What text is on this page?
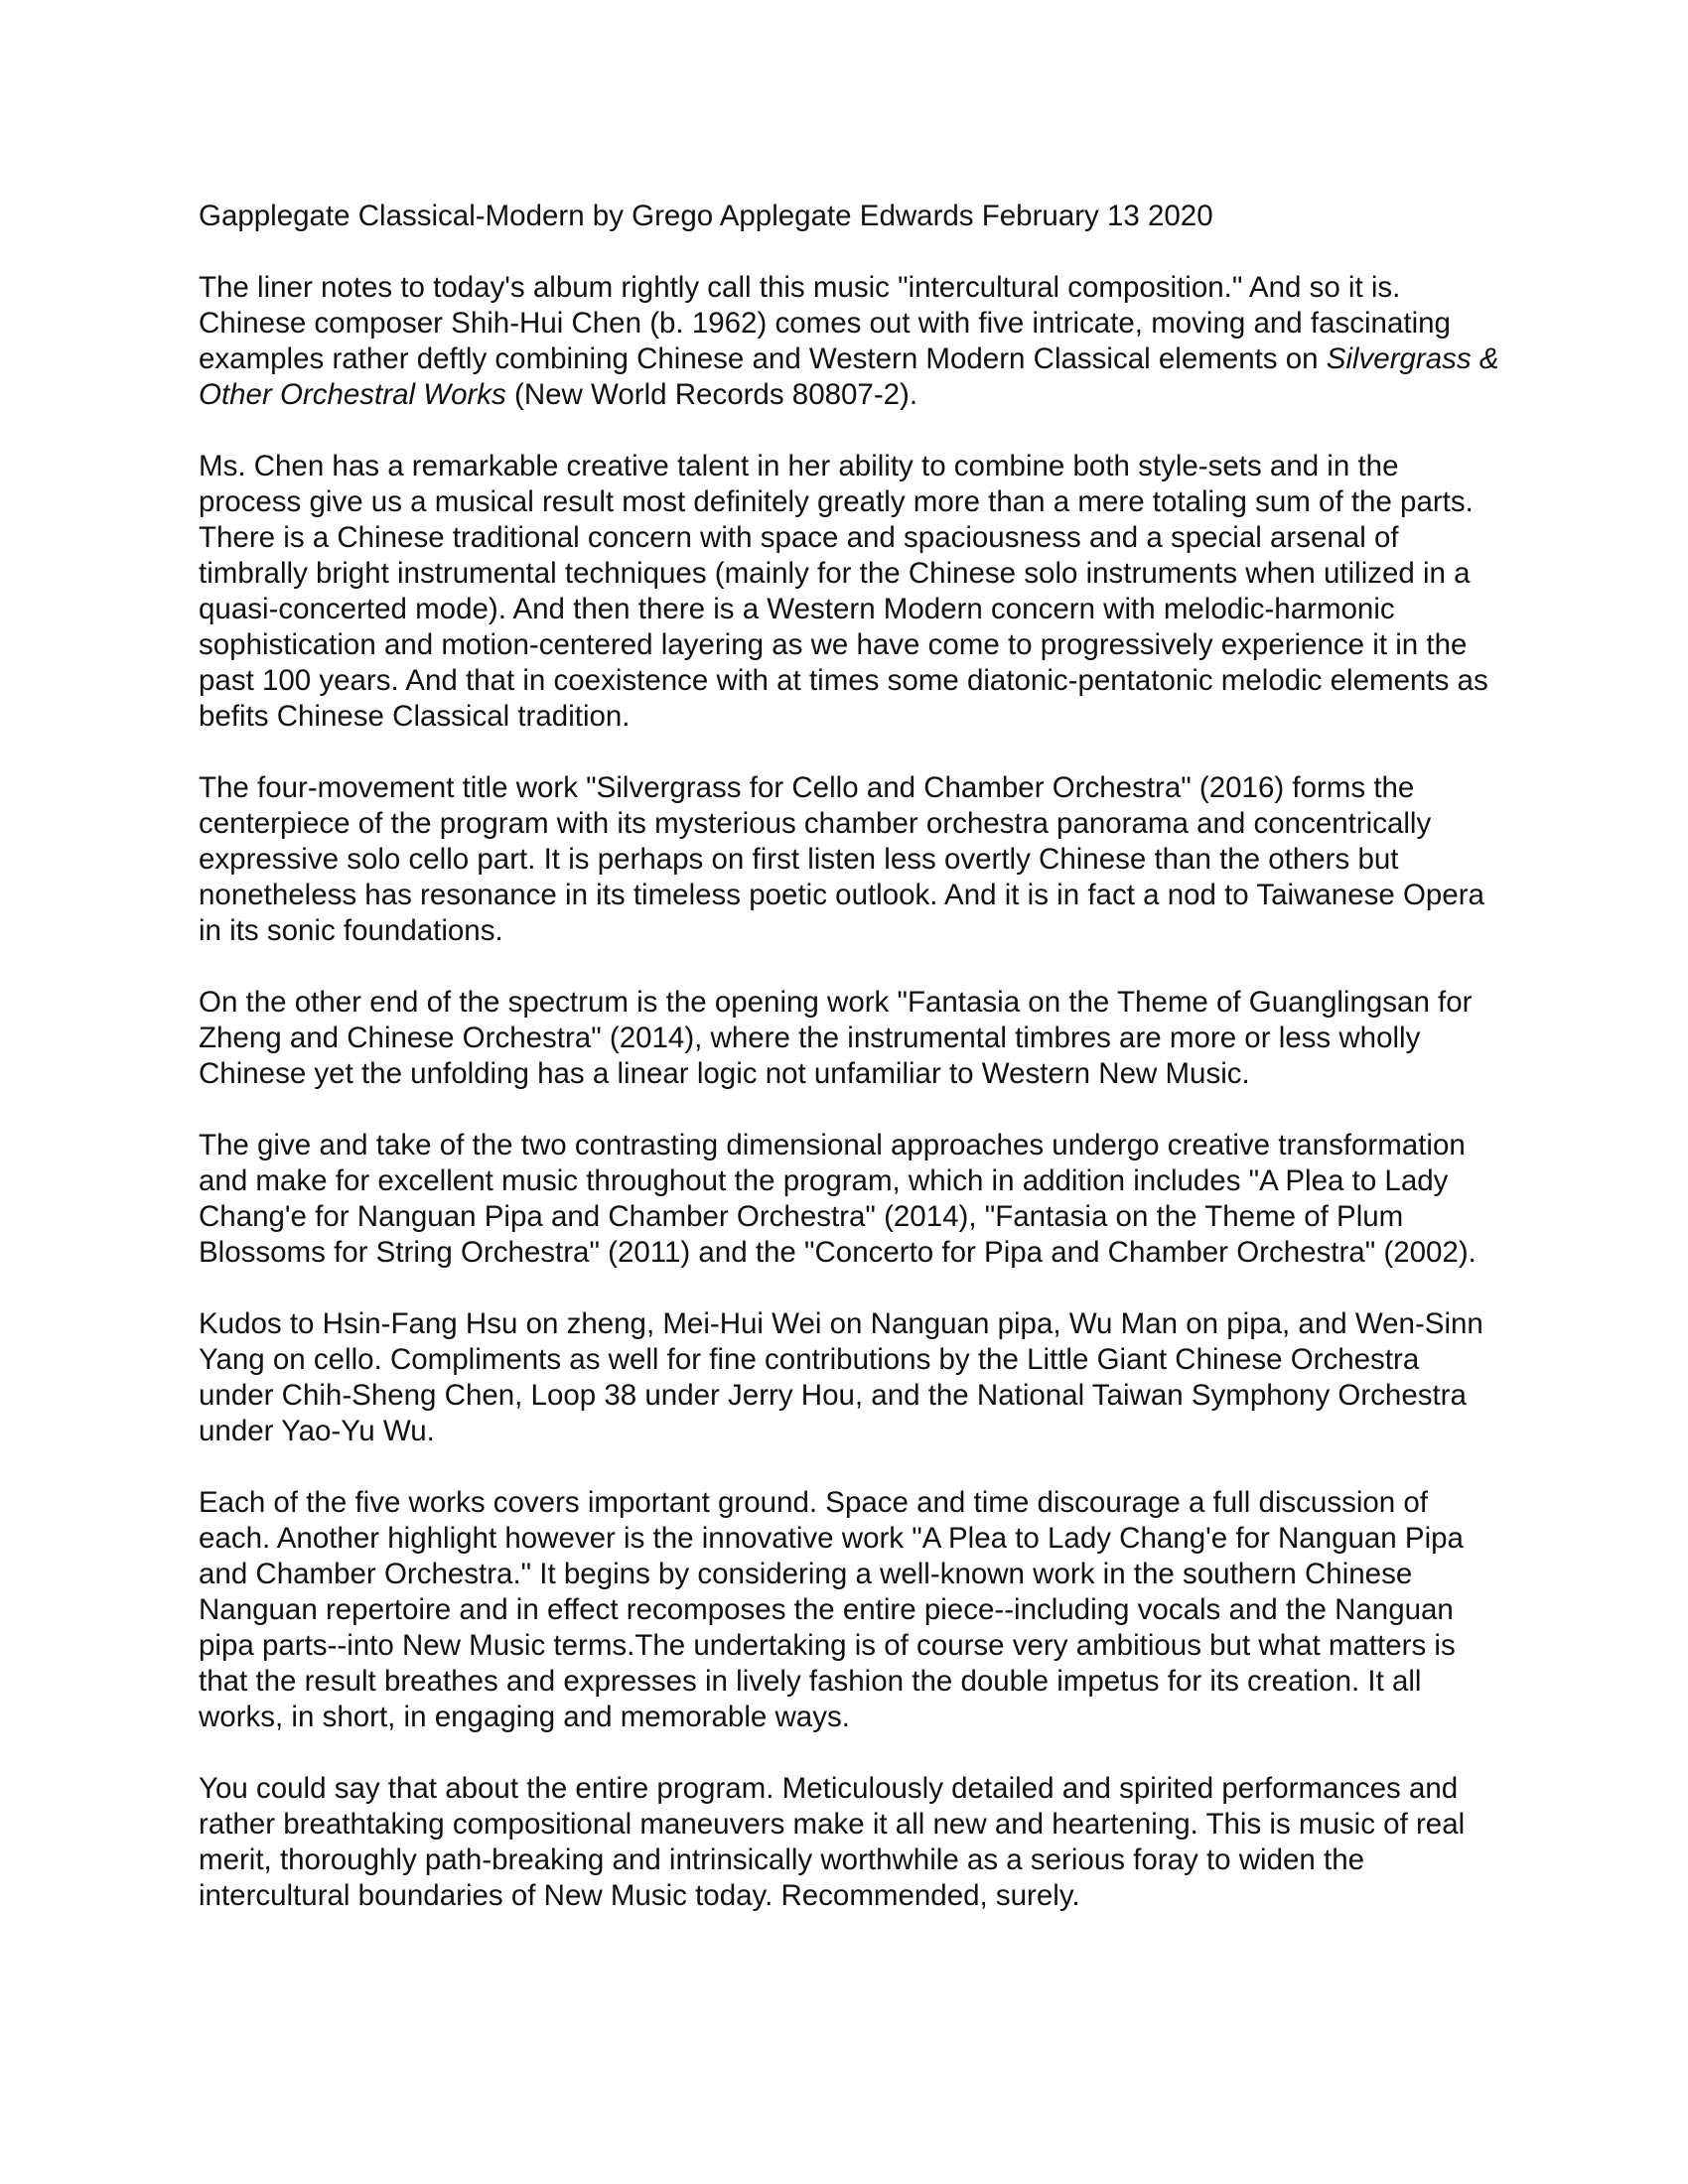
Gapplegate Classical-Modern by Grego Applegate Edwards February 13 2020

The liner notes to today's album rightly call this music "intercultural composition." And so it is. Chinese composer Shih-Hui Chen (b. 1962) comes out with five intricate, moving and fascinating examples rather deftly combining Chinese and Western Modern Classical elements on Silvergrass & Other Orchestral Works (New World Records 80807-2).

Ms. Chen has a remarkable creative talent in her ability to combine both style-sets and in the process give us a musical result most definitely greatly more than a mere totaling sum of the parts. There is a Chinese traditional concern with space and spaciousness and a special arsenal of timbrally bright instrumental techniques (mainly for the Chinese solo instruments when utilized in a quasi-concerted mode). And then there is a Western Modern concern with melodic-harmonic sophistication and motion-centered layering as we have come to progressively experience it in the past 100 years. And that in coexistence with at times some diatonic-pentatonic melodic elements as befits Chinese Classical tradition.

The four-movement title work "Silvergrass for Cello and Chamber Orchestra" (2016) forms the centerpiece of the program with its mysterious chamber orchestra panorama and concentrically expressive solo cello part. It is perhaps on first listen less overtly Chinese than the others but nonetheless has resonance in its timeless poetic outlook. And it is in fact a nod to Taiwanese Opera in its sonic foundations.

On the other end of the spectrum is the opening work "Fantasia on the Theme of Guanglingsan for Zheng and Chinese Orchestra" (2014), where the instrumental timbres are more or less wholly Chinese yet the unfolding has a linear logic not unfamiliar to Western New Music.

The give and take of the two contrasting dimensional approaches undergo creative transformation and make for excellent music throughout the program, which in addition includes "A Plea to Lady Chang'e for Nanguan Pipa and Chamber Orchestra" (2014), "Fantasia on the Theme of Plum Blossoms for String Orchestra" (2011) and the "Concerto for Pipa and Chamber Orchestra" (2002).

Kudos to Hsin-Fang Hsu on zheng, Mei-Hui Wei on Nanguan pipa, Wu Man on pipa, and Wen-Sinn Yang on cello. Compliments as well for fine contributions by the Little Giant Chinese Orchestra under Chih-Sheng Chen, Loop 38 under Jerry Hou, and the National Taiwan Symphony Orchestra under Yao-Yu Wu.

Each of the five works covers important ground. Space and time discourage a full discussion of each. Another highlight however is the innovative work "A Plea to Lady Chang'e for Nanguan Pipa and Chamber Orchestra." It begins by considering a well-known work in the southern Chinese Nanguan repertoire and in effect recomposes the entire piece--including vocals and the Nanguan pipa parts--into New Music terms.The undertaking is of course very ambitious but what matters is that the result breathes and expresses in lively fashion the double impetus for its creation. It all works, in short, in engaging and memorable ways.

You could say that about the entire program. Meticulously detailed and spirited performances and rather breathtaking compositional maneuvers make it all new and heartening. This is music of real merit, thoroughly path-breaking and intrinsically worthwhile as a serious foray to widen the intercultural boundaries of New Music today. Recommended, surely.
